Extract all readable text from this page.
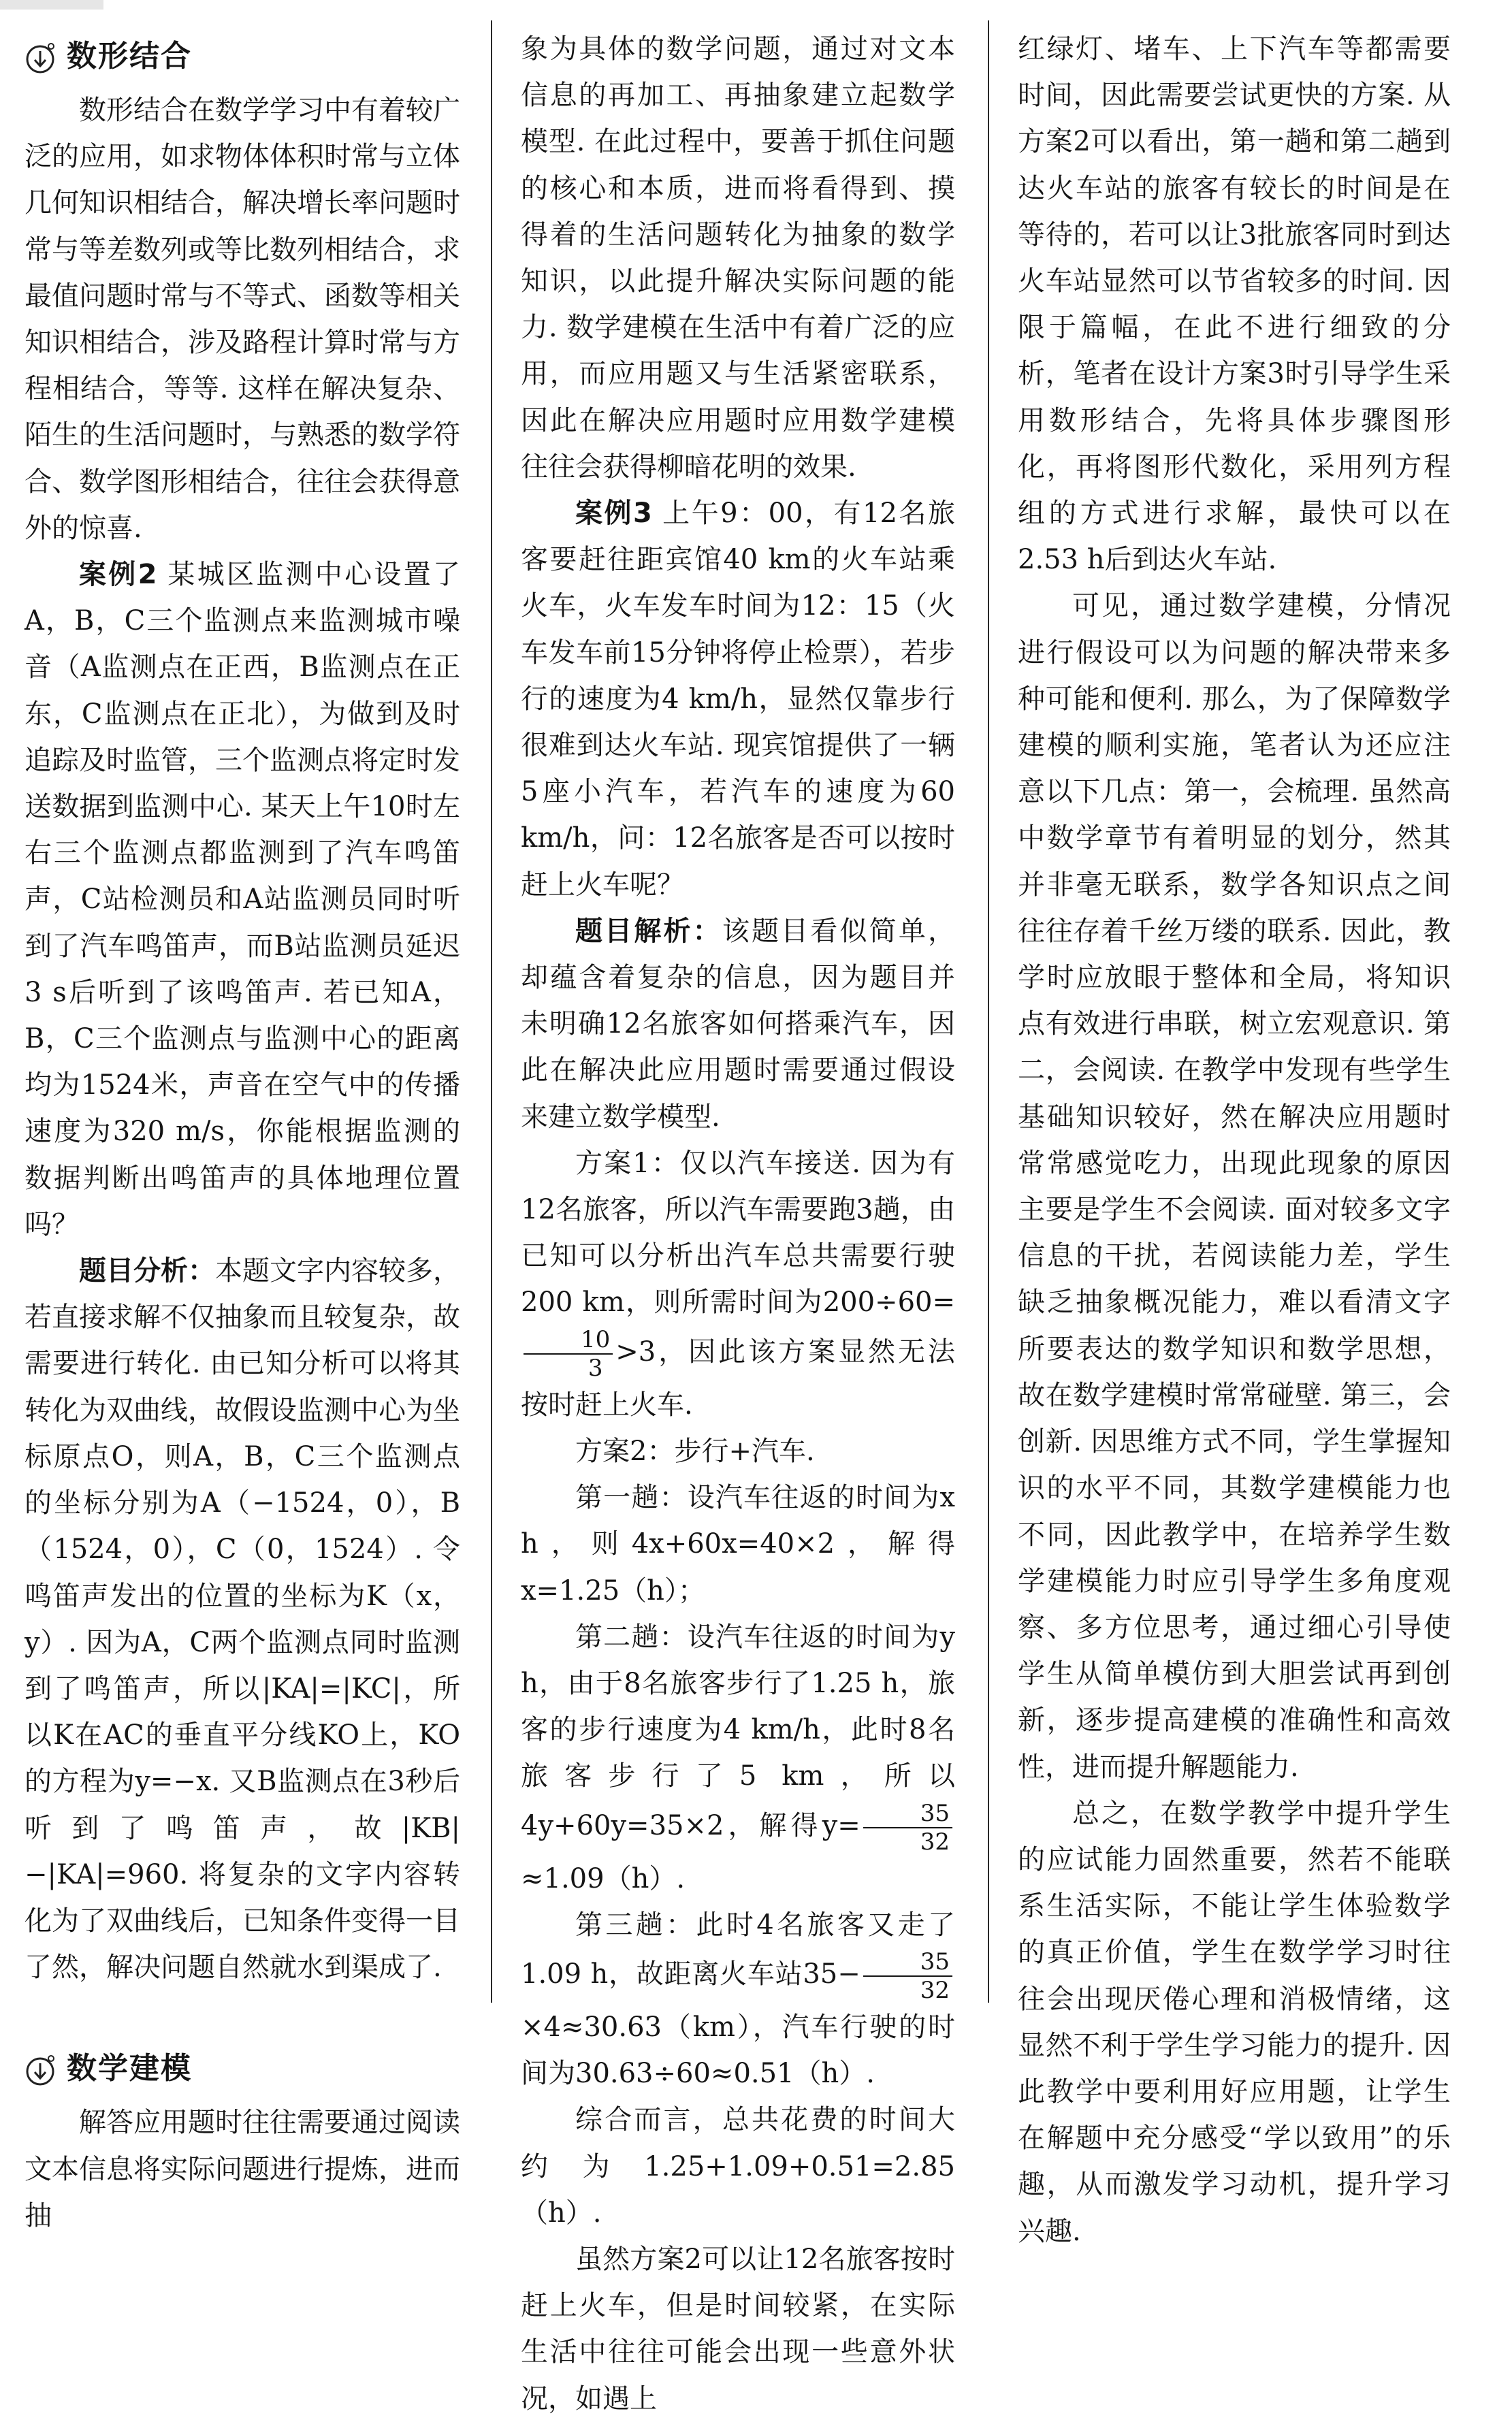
数形结合

数形结合在数学学习中有着较广泛的应用，如求物体体积时常与立体几何知识相结合，解决增长率问题时常与等差数列或等比数列相结合，求最值问题时常与不等式、函数等相关知识相结合，涉及路程计算时常与方程相结合，等等. 这样在解决复杂、陌生的生活问题时，与熟悉的数学符合、数学图形相结合，往往会获得意外的惊喜.

案例2 某城区监测中心设置了A，B，C三个监测点来监测城市噪音（A监测点在正西，B监测点在正东，C监测点在正北），为做到及时追踪及时监管，三个监测点将定时发送数据到监测中心. 某天上午10时左右三个监测点都监测到了汽车鸣笛声，C站检测员和A站监测员同时听到了汽车鸣笛声，而B站监测员延迟3 s后听到了该鸣笛声. 若已知A，B，C三个监测点与监测中心的距离均为1524米，声音在空气中的传播速度为320 m/s，你能根据监测的数据判断出鸣笛声的具体地理位置吗？

题目分析：本题文字内容较多，若直接求解不仅抽象而且较复杂，故需要进行转化. 由已知分析可以将其转化为双曲线，故假设监测中心为坐标原点O，则A，B，C三个监测点的坐标分别为A（−1524，0），B（1524，0），C（0，1524）. 令鸣笛声发出的位置的坐标为K（x，y）. 因为A，C两个监测点同时监测到了鸣笛声，所以|KA|=|KC|，所以K在AC的垂直平分线KO上，KO的方程为y=−x. 又B监测点在3秒后听到了鸣笛声，故|KB|−|KA|=960. 将复杂的文字内容转化为了双曲线后，已知条件变得一目了然，解决问题自然就水到渠成了.

数学建模

解答应用题时往往需要通过阅读文本信息将实际问题进行提炼，进而抽

象为具体的数学问题，通过对文本信息的再加工、再抽象建立起数学模型. 在此过程中，要善于抓住问题的核心和本质，进而将看得到、摸得着的生活问题转化为抽象的数学知识，以此提升解决实际问题的能力. 数学建模在生活中有着广泛的应用，而应用题又与生活紧密联系，因此在解决应用题时应用数学建模往往会获得柳暗花明的效果.

案例3 上午9：00，有12名旅客要赶往距宾馆40 km的火车站乘火车，火车发车时间为12：15（火车发车前15分钟将停止检票），若步行的速度为4 km/h，显然仅靠步行很难到达火车站. 现宾馆提供了一辆5座小汽车，若汽车的速度为60 km/h，问：12名旅客是否可以按时赶上火车呢？

题目解析：该题目看似简单，却蕴含着复杂的信息，因为题目并未明确12名旅客如何搭乘汽车，因此在解决此应用题时需要通过假设来建立数学模型.

方案1：仅以汽车接送. 因为有12名旅客，所以汽车需要跑3趟，由已知可以分析出汽车总共需要行驶200 km，则所需时间为200÷60=
$\frac{10}{3} >3$，因此该方案显然无法按时赶上火车.

方案2：步行+汽车.

第一趟：设汽车往返的时间为x h，则4x+60x=40×2，解得x=1.25（h）；

第二趟：设汽车往返的时间为y h，由于8名旅客步行了1.25 h，旅客的步行速度为4 km/h，此时8名旅客步行了5 km，所以4y+60y=35×2，解得$y= \frac{35}{32}$
≈1.09（h）.

第三趟：此时4名旅客又走了1.09 h，故距离火车站$35- \frac{35}{32}$
×4≈30.63（km），汽车行驶的时间为30.63÷60≈0.51（h）.

综合而言，总共花费的时间大约为1.25+1.09+0.51=2.85（h）.

虽然方案2可以让12名旅客按时赶上火车，但是时间较紧，在实际生活中往往可能会出现一些意外状况，如遇上

红绿灯、堵车、上下汽车等都需要时间，因此需要尝试更快的方案. 从方案2可以看出，第一趟和第二趟到达火车站的旅客有较长的时间是在等待的，若可以让3批旅客同时到达火车站显然可以节省较多的时间. 因限于篇幅，在此不进行细致的分析，笔者在设计方案3时引导学生采用数形结合，先将具体步骤图形化，再将图形代数化，采用列方程组的方式进行求解，最快可以在2.53 h后到达火车站.

可见，通过数学建模，分情况进行假设可以为问题的解决带来多种可能和便利. 那么，为了保障数学建模的顺利实施，笔者认为还应注意以下几点：第一，会梳理. 虽然高中数学章节有着明显的划分，然其并非毫无联系，数学各知识点之间往往存着千丝万缕的联系. 因此，教学时应放眼于整体和全局，将知识点有效进行串联，树立宏观意识. 第二，会阅读. 在教学中发现有些学生基础知识较好，然在解决应用题时常常感觉吃力，出现此现象的原因主要是学生不会阅读. 面对较多文字信息的干扰，若阅读能力差，学生缺乏抽象概况能力，难以看清文字所要表达的数学知识和数学思想，故在数学建模时常常碰壁. 第三，会创新. 因思维方式不同，学生掌握知识的水平不同，其数学建模能力也不同，因此教学中，在培养学生数学建模能力时应引导学生多角度观察、多方位思考，通过细心引导使学生从简单模仿到大胆尝试再到创新，逐步提高建模的准确性和高效性，进而提升解题能力.

总之，在数学教学中提升学生的应试能力固然重要，然若不能联系生活实际，不能让学生体验数学的真正价值，学生在数学学习时往往会出现厌倦心理和消极情绪，这显然不利于学生学习能力的提升. 因此教学中要利用好应用题，让学生在解题中充分感受“学以致用”的乐趣，从而激发学习动机，提升学习兴趣.
